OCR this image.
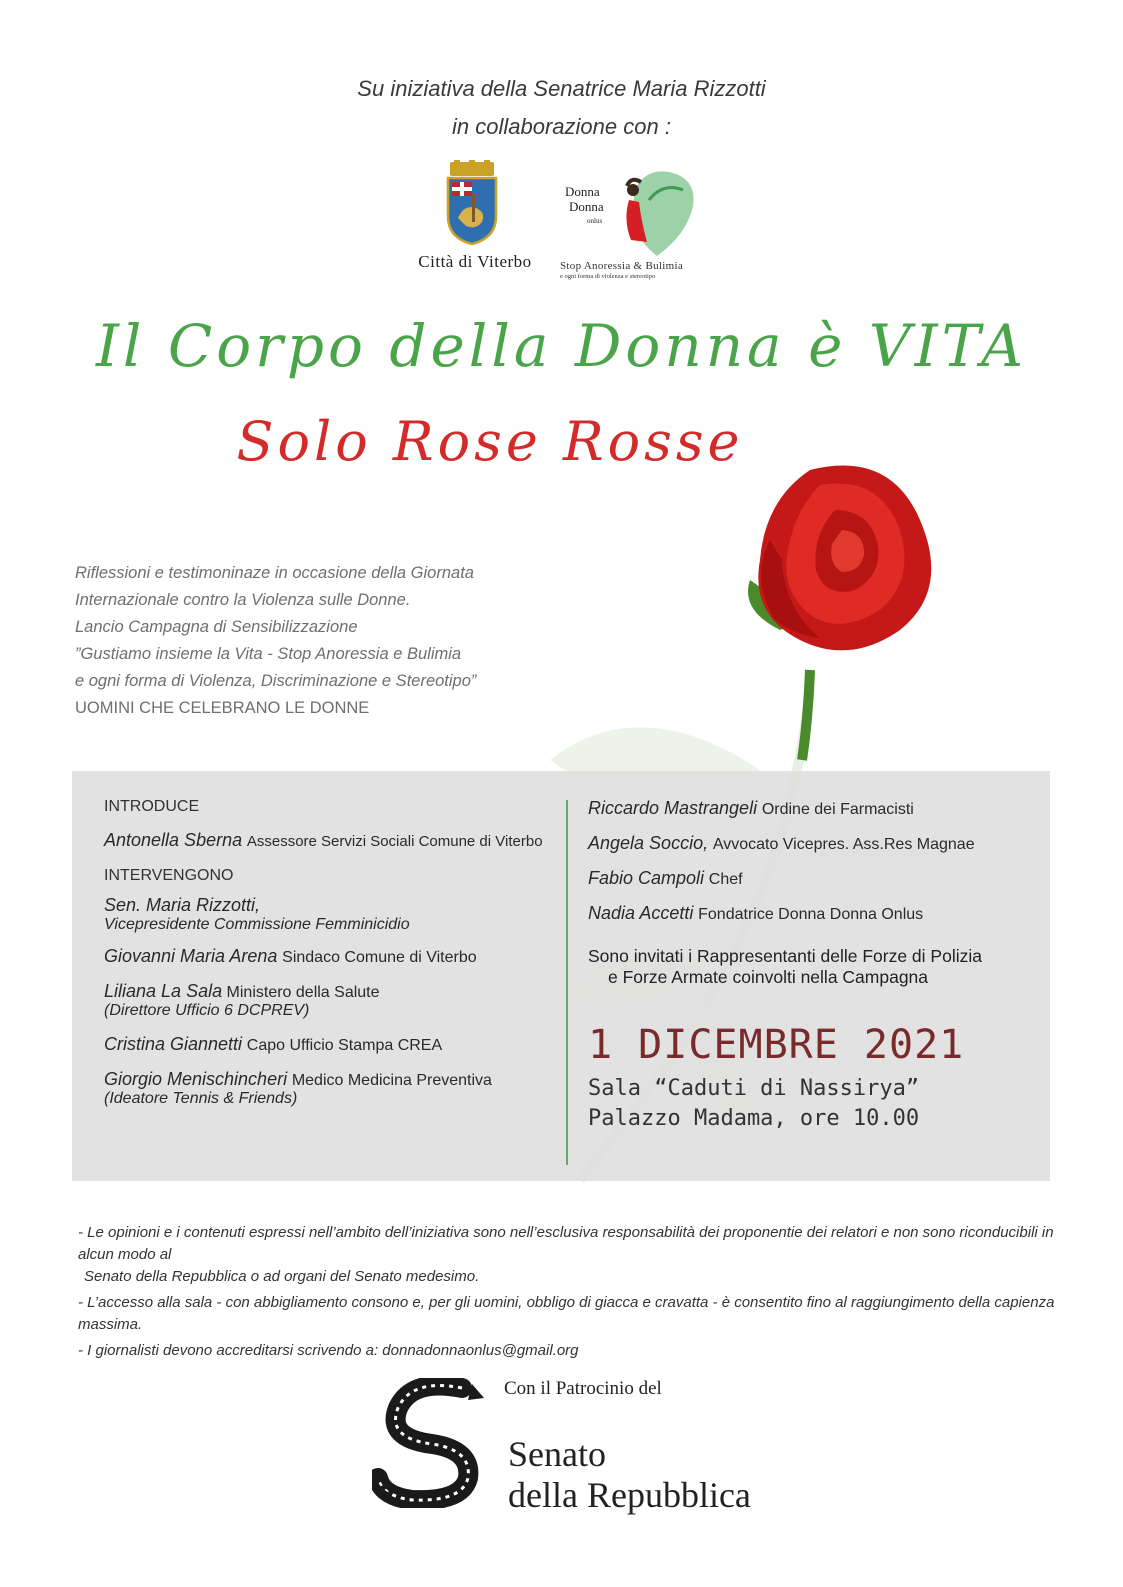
Su iniziativa della Senatrice Maria Rizzotti
in collaborazione con :
Città di Viterbo
Donna
Donna
onlus
Stop Anoressia & Bulimia
e ogni forma di violenza e stereotipo
Il Corpo della Donna è VITA
Solo Rose Rosse
Riflessioni e testimoninaze in occasione della Giornata
Internazionale contro la Violenza sulle Donne.
Lancio Campagna di Sensibilizzazione
”Gustiamo insieme la Vita - Stop Anoressia e Bulimia
e ogni forma di Violenza, Discriminazione e Stereotipo”
UOMINI CHE CELEBRANO LE DONNE
INTRODUCE
Antonella Sberna Assessore Servizi Sociali Comune di Viterbo
INTERVENGONO
Sen. Maria Rizzotti,
Vicepresidente Commissione Femminicidio
Giovanni Maria Arena Sindaco Comune di Viterbo
Liliana La Sala Ministero della Salute
(Direttore Ufficio 6 DCPREV)
Cristina Giannetti Capo Ufficio Stampa CREA
Giorgio Menischincheri Medico Medicina Preventiva
(Ideatore Tennis & Friends)
Riccardo Mastrangeli Ordine dei Farmacisti
Angela Soccio, Avvocato Vicepres. Ass.Res Magnae
Fabio Campoli Chef
Nadia Accetti Fondatrice Donna Donna Onlus
Sono invitati i Rappresentanti delle Forze di Polizia
e Forze Armate coinvolti nella Campagna
1 DICEMBRE 2021
Sala “Caduti di Nassirya”
Palazzo Madama, ore 10.00

- Le opinioni e i contenuti espressi nell’ambito dell’iniziativa sono nell’esclusiva responsabilità dei proponentie dei relatori e non sono riconducibili in alcun modo al

Senato della Repubblica o ad organi del Senato medesimo.

- L’accesso alla sala - con abbigliamento consono e, per gli uomini, obbligo di giacca e cravatta - è consentito fino al raggiungimento della capienza massima.

- I giornalisti devono accreditarsi scrivendo a: donnadonnaonlus@gmail.org

Con il Patrocinio del
Senato
della Repubblica
